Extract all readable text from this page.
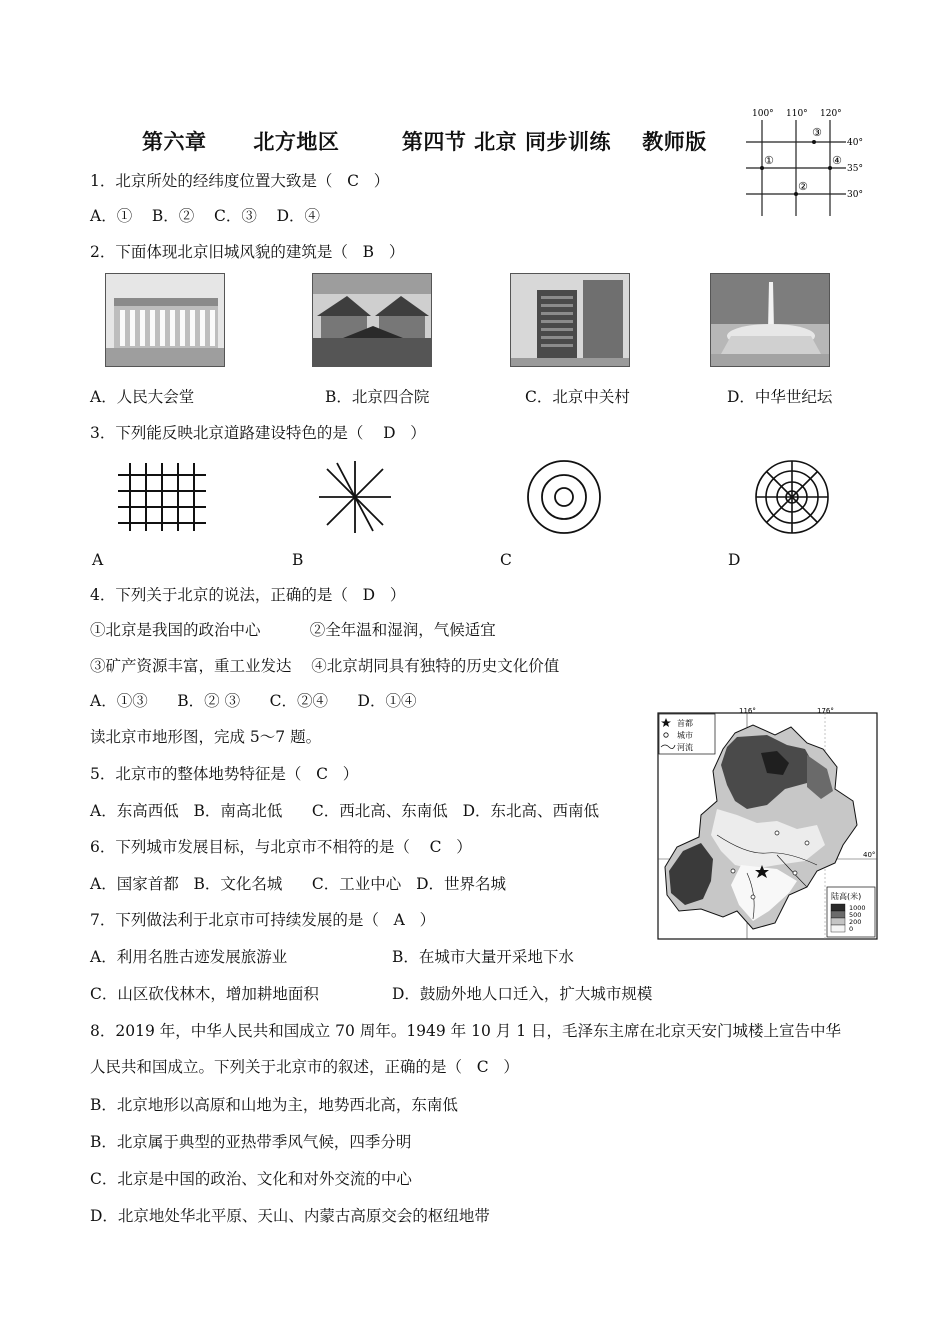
第六章      北方地区        第四节 北京 同步训练    教师版
100° 110° 120°
40°
35°
30°
①
②
③
④
1．北京所处的经纬度位置大致是（   C   ）
A．①    B．②    C．③    D．④
2．下面体现北京旧城风貌的建筑是（   B   ）
A．人民大会堂	B．北京四合院	C．北京中关村	D．中华世纪坛
3．下列能反映北京道路建设特色的是（    D   ）
A	B	C	D
4．下列关于北京的说法，正确的是（   D   ）
①北京是我国的政治中心          ②全年温和湿润，气候适宜
③矿产资源丰富，重工业发达    ④北京胡同具有独特的历史文化价值
A．①③      B．② ③      C．②④      D．①④
读北京市地形图，完成 5～7 题。
5．北京市的整体地势特征是（   C   ）
A．东高西低   B．南高北低      C．西北高、东南低   D．东北高、西南低
6．下列城市发展目标，与北京市不相符的是（    C   ）
A．国家首都   B．文化名城      C．工业中心   D．世界名城
7．下列做法利于北京市可持续发展的是（   A   ）
A．利用名胜古迹发展旅游业	B．在城市大量开采地下水
C．山区砍伐林木，增加耕地面积	D．鼓励外地人口迁入，扩大城市规模
8．2019 年，中华人民共和国成立 70 周年。1949 年 10 月 1 日，毛泽东主席在北京天安门城楼上宣告中华
人民共和国成立。下列关于北京市的叙述，正确的是（   C   ）
B．北京地形以高原和山地为主，地势西北高，东南低
B．北京属于典型的亚热带季风气候，四季分明
C．北京是中国的政治、文化和对外交流的中心
D．北京地处华北平原、天山、内蒙古高原交会的枢纽地带
116°	176°
40°
首都
城市
河流
陆高(米)
1000
500
200
0
